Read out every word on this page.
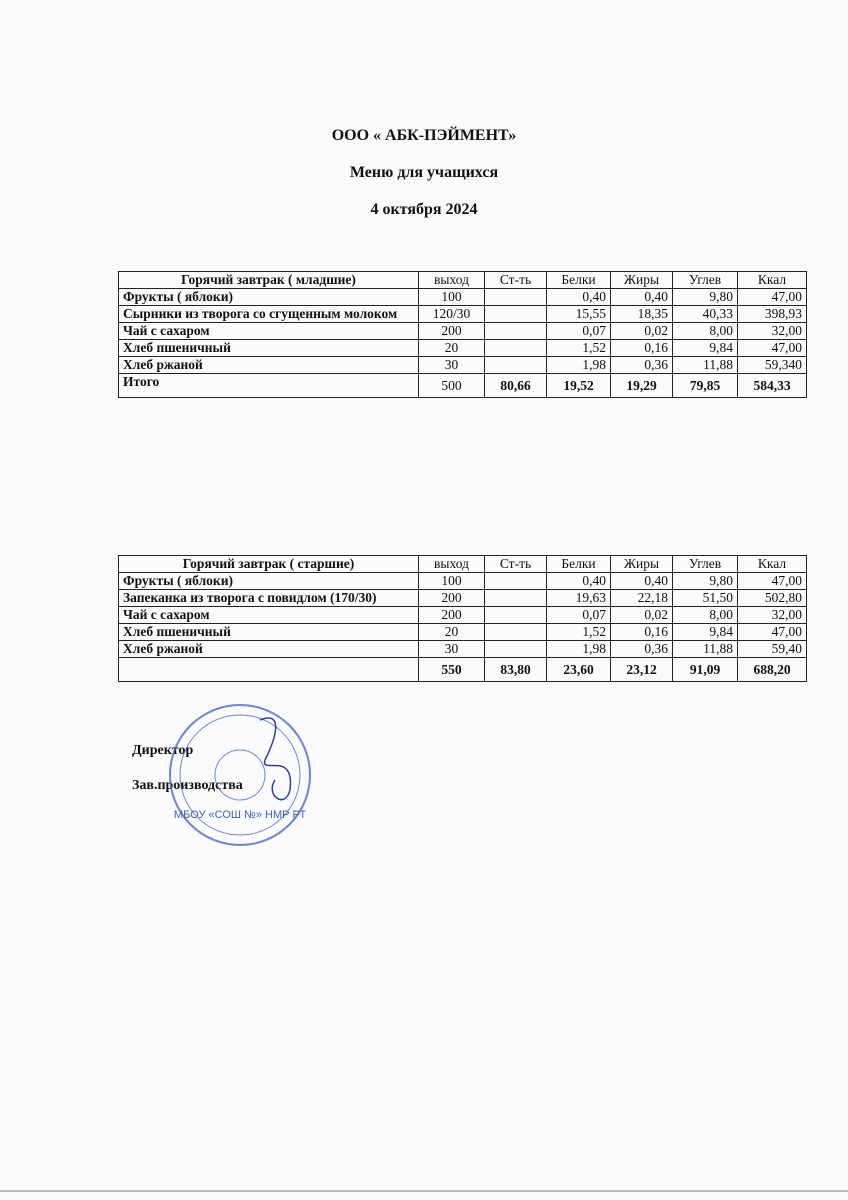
ООО « АБК-ПЭЙМЕНТ»
Меню для учащихся
4 октября 2024
Горячий завтрак ( младшие)	выход	Ст-ть	Белки	Жиры	Углев	Ккал
Фрукты ( яблоки)	100		0,40	0,40	9,80	47,00
Сырники из творога со сгущенным молоком	120/30		15,55	18,35	40,33	398,93
Чай с сахаром	200		0,07	0,02	8,00	32,00
Хлеб пшеничный	20		1,52	0,16	9,84	47,00
Хлеб ржаной	30		1,98	0,36	11,88	59,340
Итого	500	80,66	19,52	19,29	79,85	584,33
Горячий завтрак ( старшие)	выход	Ст-ть	Белки	Жиры	Углев	Ккал
Фрукты ( яблоки)	100		0,40	0,40	9,80	47,00
Запеканка из творога с повидлом (170/30)	200		19,63	22,18	51,50	502,80
Чай с сахаром	200		0,07	0,02	8,00	32,00
Хлеб пшеничный	20		1,52	0,16	9,84	47,00
Хлеб ржаной	30		1,98	0,36	11,88	59,40
	550	83,80	23,60	23,12	91,09	688,20
Директор
Зав.производства
МБОУ «СОШ №» НМР РТ
